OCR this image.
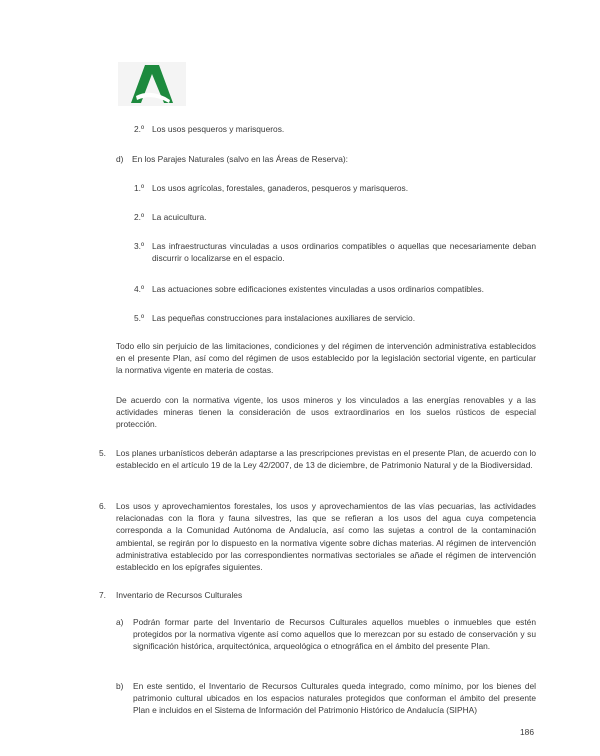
2.º Los usos pesqueros y marisqueros.
d) En los Parajes Naturales (salvo en las Áreas de Reserva):
1.º Los usos agrícolas, forestales, ganaderos, pesqueros y marisqueros.
2.º La acuicultura.
3.º Las infraestructuras vinculadas a usos ordinarios compatibles o aquellas que necesariamente deban discurrir o localizarse en el espacio.
4.º Las actuaciones sobre edificaciones existentes vinculadas a usos ordinarios compatibles.
5.º Las pequeñas construcciones para instalaciones auxiliares de servicio.
Todo ello sin perjuicio de las limitaciones, condiciones y del régimen de intervención administrativa establecidos en el presente Plan, así como del régimen de usos establecido por la legislación sectorial vigente, en particular la normativa vigente en materia de costas.
De acuerdo con la normativa vigente, los usos mineros y los vinculados a las energías renovables y a las actividades mineras tienen la consideración de usos extraordinarios en los suelos rústicos de especial protección.
5. Los planes urbanísticos deberán adaptarse a las prescripciones previstas en el presente Plan, de acuerdo con lo establecido en el artículo 19 de la Ley 42/2007, de 13 de diciembre, de Patrimonio Natural y de la Biodiversidad.
6. Los usos y aprovechamientos forestales, los usos y aprovechamientos de las vías pecuarias, las actividades relacionadas con la flora y fauna silvestres, las que se refieran a los usos del agua cuya competencia corresponda a la Comunidad Autónoma de Andalucía, así como las sujetas a control de la contaminación ambiental, se regirán por lo dispuesto en la normativa vigente sobre dichas materias. Al régimen de intervención administrativa establecido por las correspondientes normativas sectoriales se añade el régimen de intervención establecido en los epígrafes siguientes.
7. Inventario de Recursos Culturales
a) Podrán formar parte del Inventario de Recursos Culturales aquellos muebles o inmuebles que estén protegidos por la normativa vigente así como aquellos que lo merezcan por su estado de conservación y su significación histórica, arquitectónica, arqueológica o etnográfica en el ámbito del presente Plan.
b) En este sentido, el Inventario de Recursos Culturales queda integrado, como mínimo, por los bienes del patrimonio cultural ubicados en los espacios naturales protegidos que conforman el ámbito del presente Plan e incluidos en el Sistema de Información del Patrimonio Histórico de Andalucía (SIPHA)
186
